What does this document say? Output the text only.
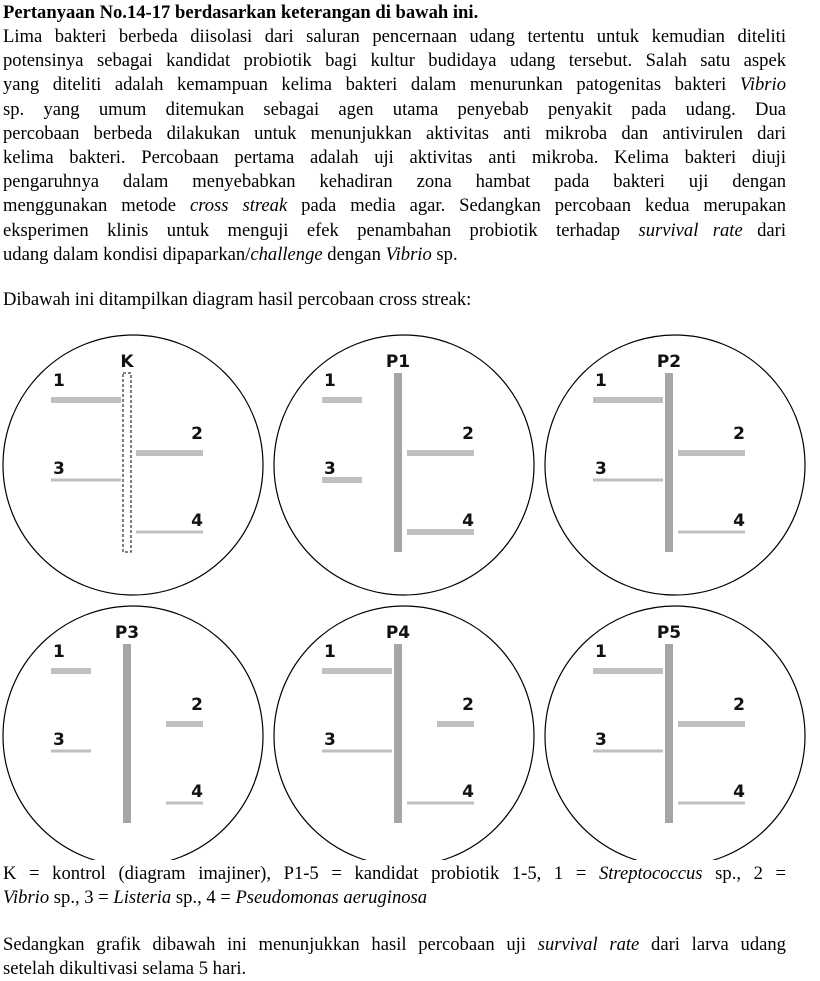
Pertanyaan No.14-17 berdasarkan keterangan di bawah ini.
Lima bakteri berbeda diisolasi dari saluran pencernaan udang tertentu untuk kemudian diteliti
potensinya sebagai kandidat probiotik bagi kultur budidaya udang tersebut. Salah satu aspek
yang diteliti adalah kemampuan kelima bakteri dalam menurunkan patogenitas bakteri Vibrio
sp. yang umum ditemukan sebagai agen utama penyebab penyakit pada udang. Dua
percobaan berbeda dilakukan untuk menunjukkan aktivitas anti mikroba dan antivirulen dari
kelima bakteri. Percobaan pertama adalah uji aktivitas anti mikroba. Kelima bakteri diuji
pengaruhnya dalam menyebabkan kehadiran zona hambat pada bakteri uji dengan
menggunakan metode cross streak pada media agar. Sedangkan percobaan kedua merupakan
eksperimen klinis untuk menguji efek penambahan probiotik terhadap survival rate dari
udang dalam kondisi dipaparkan/challenge dengan Vibrio sp.
Dibawah ini ditampilkan diagram hasil percobaan cross streak:
K
1
2
3
4
P1
1
2
3
4
P2
1
2
3
4
P3
1
2
3
4
P4
1
2
3
4
P5
1
2
3
4
K = kontrol (diagram imajiner), P1-5 = kandidat probiotik 1-5, 1 = Streptococcus sp., 2 =
Vibrio sp., 3 = Listeria sp., 4 = Pseudomonas aeruginosa
Sedangkan grafik dibawah ini menunjukkan hasil percobaan uji survival rate dari larva udang
setelah dikultivasi selama 5 hari.
